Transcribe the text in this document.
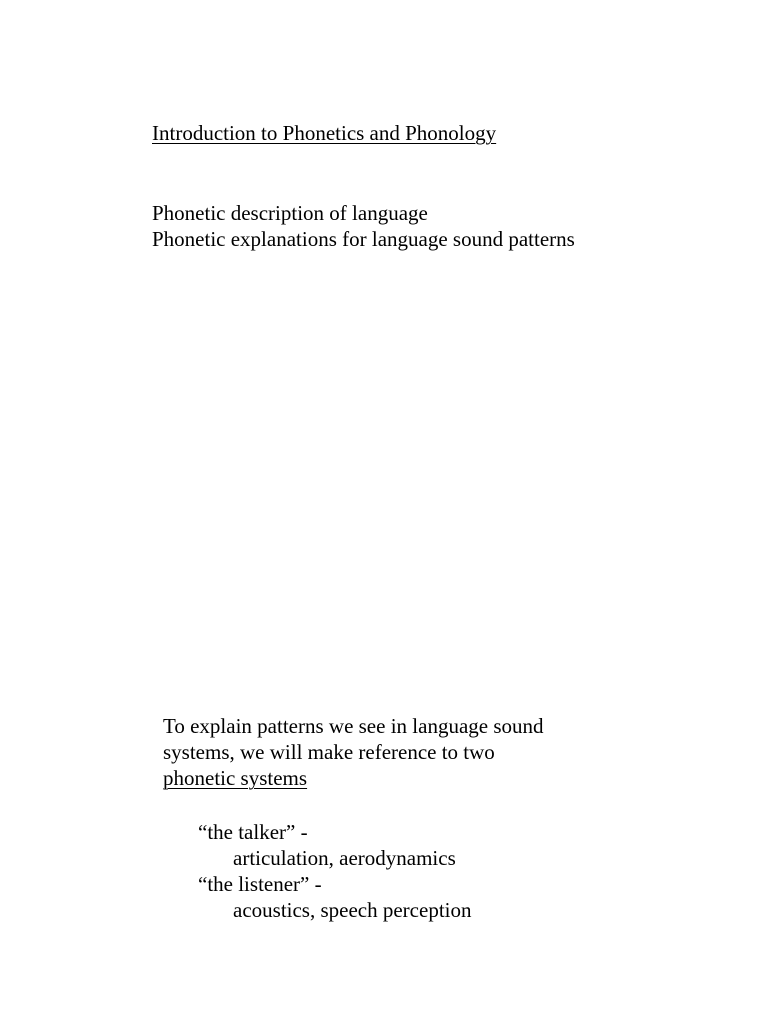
Introduction to Phonetics and Phonology
Phonetic description of language
Phonetic explanations for language sound patterns
To explain patterns we see in language sound
systems, we will make reference to two
phonetic systems
“the talker” -
articulation, aerodynamics
“the listener” -
acoustics, speech perception
